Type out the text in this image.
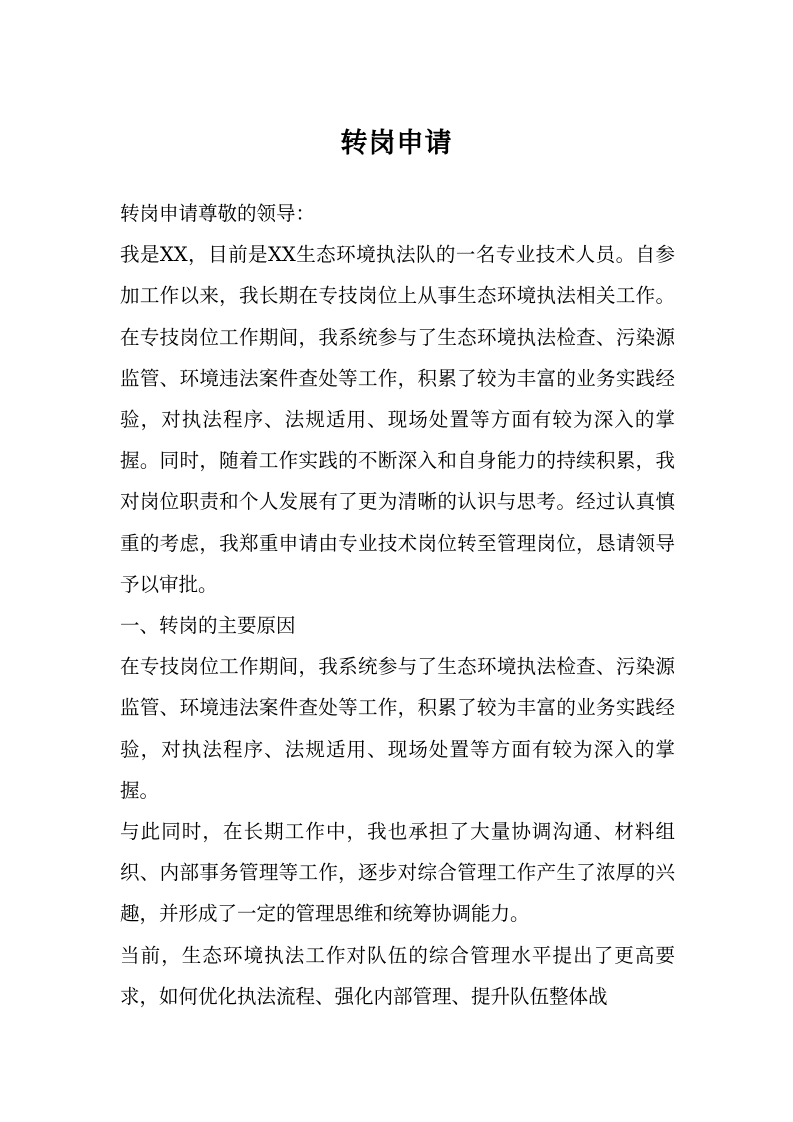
转岗申请

转岗申请尊敬的领导：

我是XX，目前是XX生态环境执法队的一名专业技术人员。自参加工作以来，我长期在专技岗位上从事生态环境执法相关工作。在专技岗位工作期间，我系统参与了生态环境执法检查、污染源监管、环境违法案件查处等工作，积累了较为丰富的业务实践经验，对执法程序、法规适用、现场处置等方面有较为深入的掌握。同时，随着工作实践的不断深入和自身能力的持续积累，我对岗位职责和个人发展有了更为清晰的认识与思考。经过认真慎重的考虑，我郑重申请由专业技术岗位转至管理岗位，恳请领导予以审批。

一、转岗的主要原因

在专技岗位工作期间，我系统参与了生态环境执法检查、污染源监管、环境违法案件查处等工作，积累了较为丰富的业务实践经验，对执法程序、法规适用、现场处置等方面有较为深入的掌握。

与此同时，在长期工作中，我也承担了大量协调沟通、材料组织、内部事务管理等工作，逐步对综合管理工作产生了浓厚的兴趣，并形成了一定的管理思维和统筹协调能力。

当前，生态环境执法工作对队伍的综合管理水平提出了更高要求，如何优化执法流程、强化内部管理、提升队伍整体战
